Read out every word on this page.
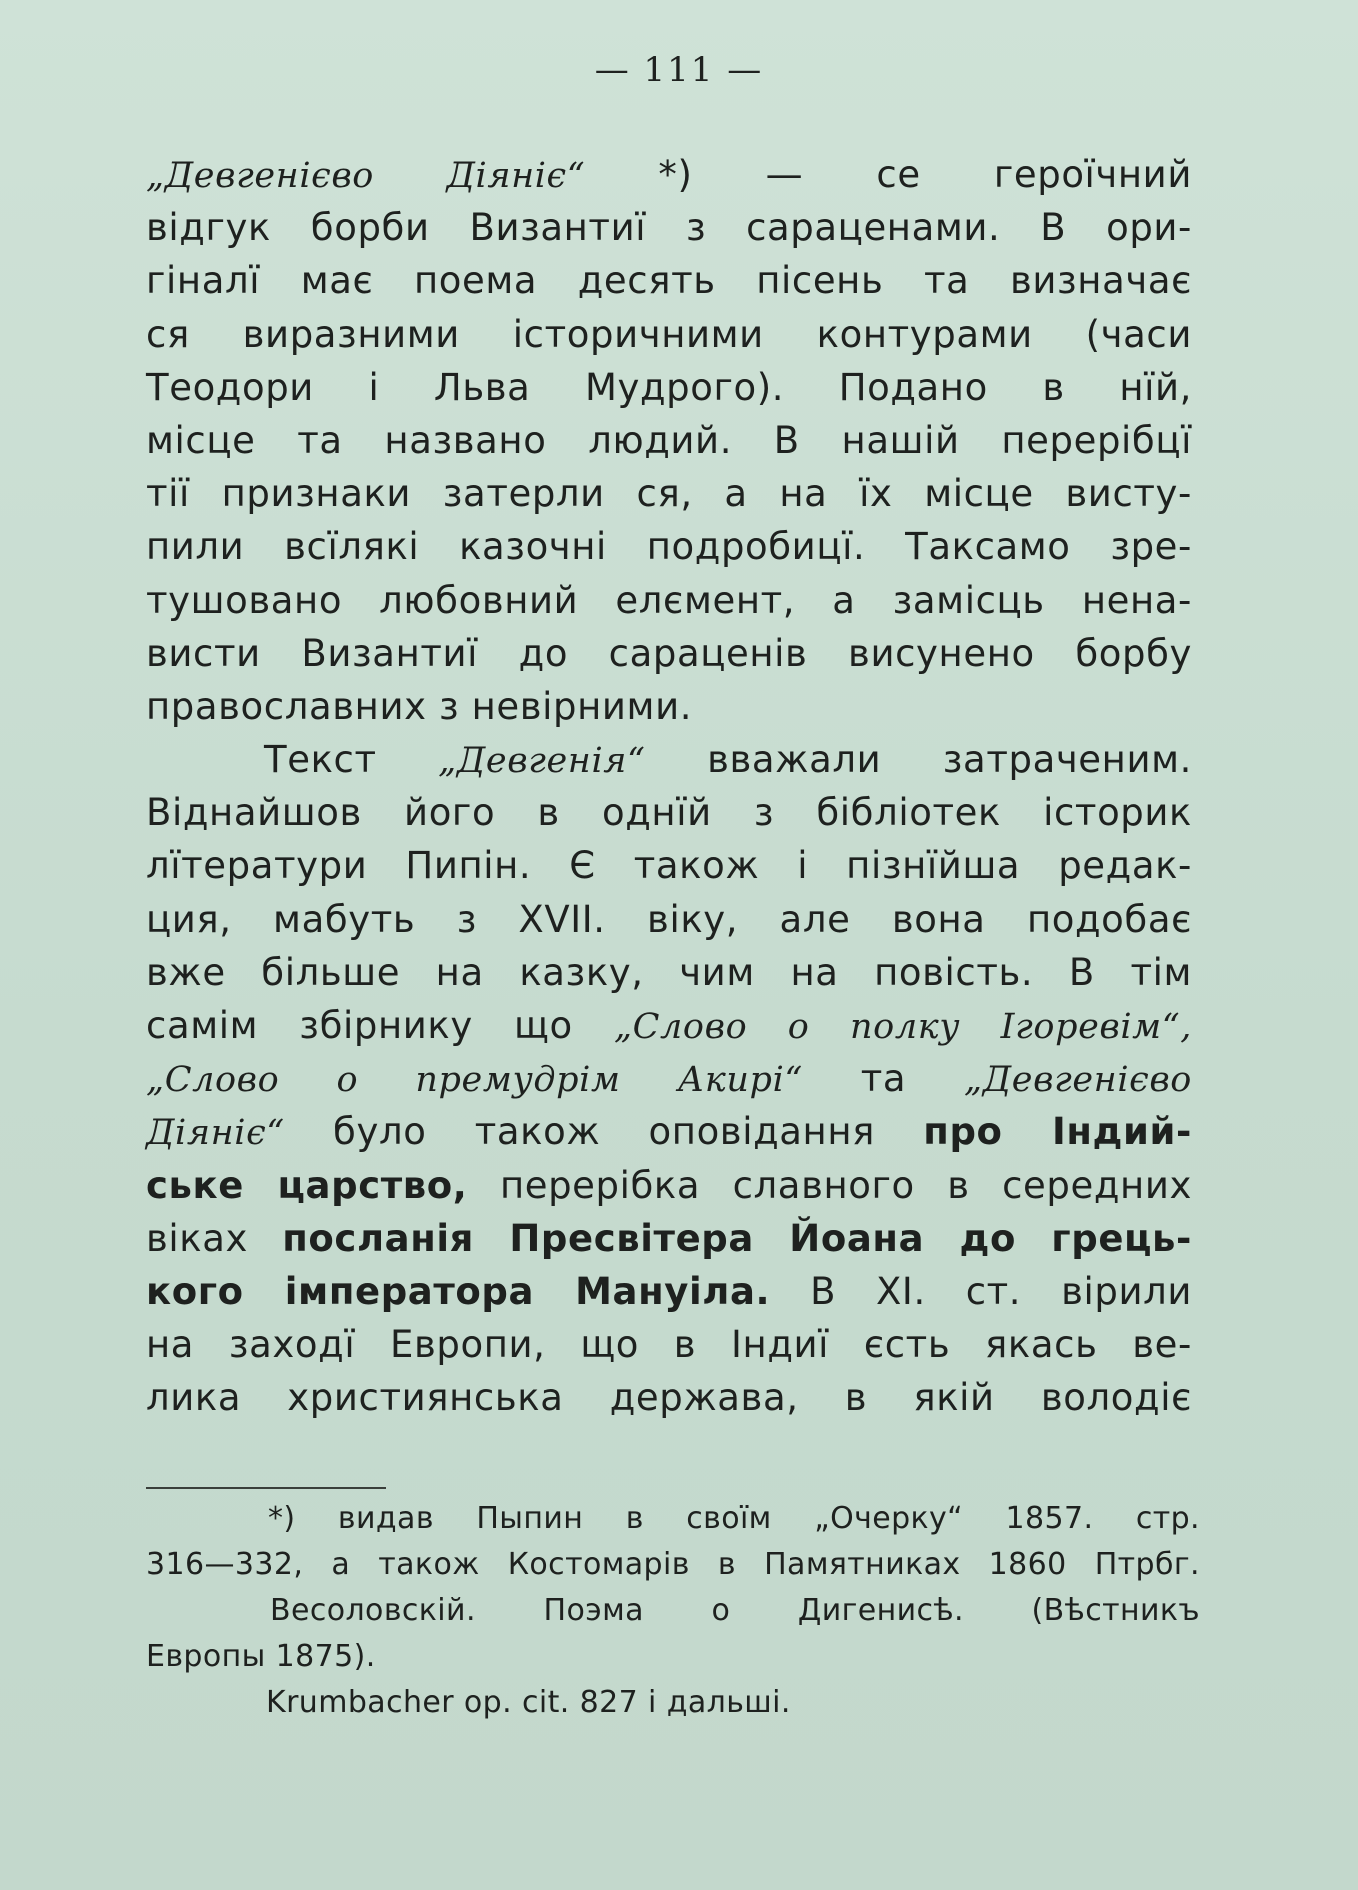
— 111 —
„Девгенієво Діяніє“ *) — се героїчний
відгук борби Византиї з сараценами. В ори-
гіналї має поема десять пісень та визначає
ся виразними історичними контурами (часи
Теодори і Льва Мудрого). Подано в нїй,
місце та названо людий. В нашій перерібцї
тії признаки затерли ся, а на їх місце висту-
пили всїлякі казочні подробицї. Таксамо зре-
тушовано любовний елємент, а замісць нена-
висти Византиї до сараценів висунено борбу
православних з невірними.
Текст „Девгенія“ вважали затраченим.
Віднайшов його в однїй з бібліотек історик
лїтератури Пипін. Є також і пізнїйша редак-
ция, мабуть з XVII. віку, але вона подобає
вже більше на казку, чим на повість. В тім
самім збірнику що „Слово о полку Ігоревім“,
„Слово о премудрім Акирі“ та „Девгенієво
Діяніє“ було також оповідання про Індий-
ське царство, перерібка славного в середних
віках посланія Пресвітера Йоана до грець-
кого імператора Мануіла. В XI. ст. вірили
на заходї Европи, що в Індиї єсть якась ве-
лика християнська держава, в якій володіє
*) видав Пыпин в своїм „Очерку“ 1857. стр.
316—332, а також Костомарів в Памятниках 1860 Птрбг.
Весоловскій. Поэма о Дигенисѣ. (Вѣстникъ
Европы 1875).
Krumbacher op. cit. 827 і дальші.
